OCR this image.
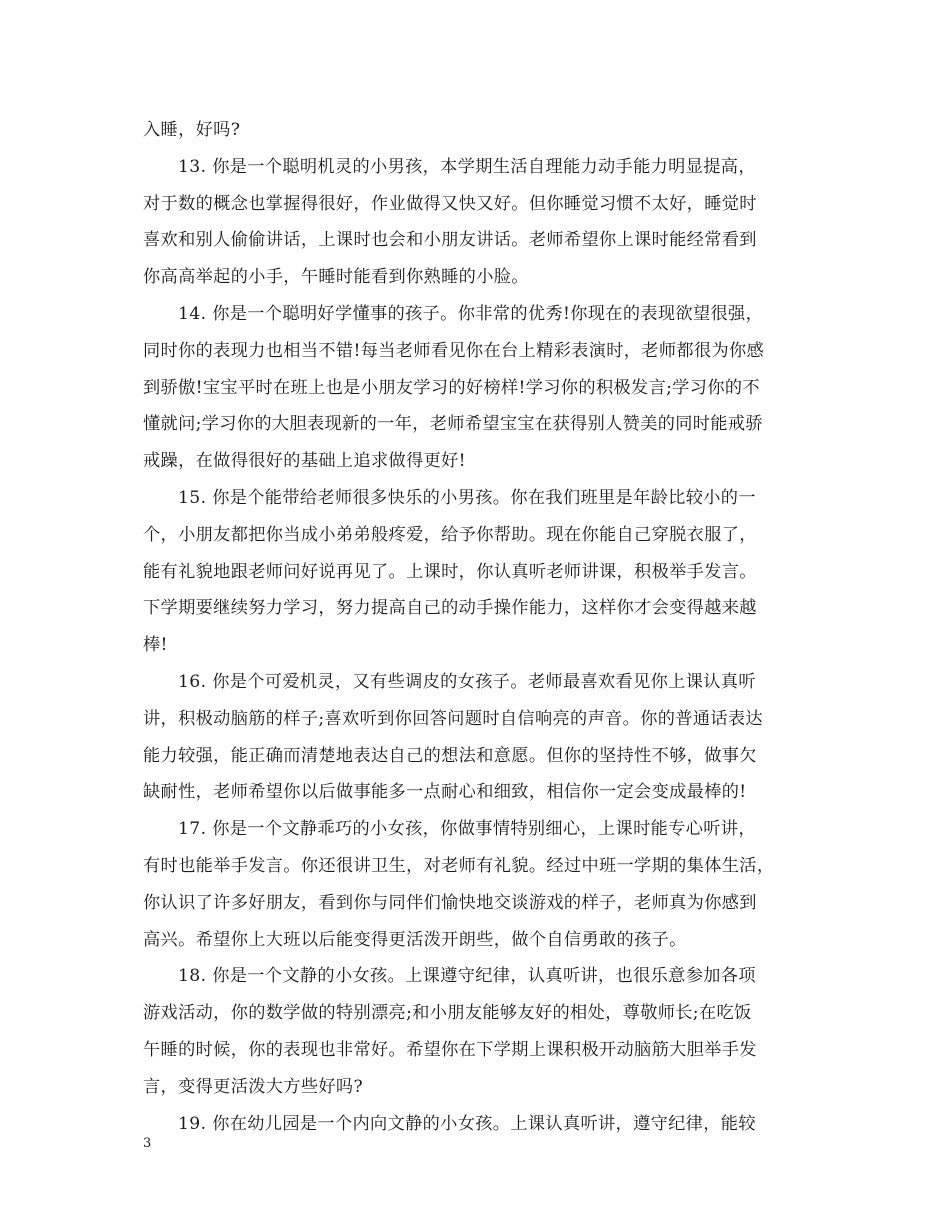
入睡，好吗?
13. 你是一个聪明机灵的小男孩，本学期生活自理能力动手能力明显提高，
对于数的概念也掌握得很好，作业做得又快又好。但你睡觉习惯不太好，睡觉时
喜欢和别人偷偷讲话，上课时也会和小朋友讲话。老师希望你上课时能经常看到
你高高举起的小手，午睡时能看到你熟睡的小脸。
14. 你是一个聪明好学懂事的孩子。你非常的优秀!你现在的表现欲望很强，
同时你的表现力也相当不错!每当老师看见你在台上精彩表演时，老师都很为你感
到骄傲!宝宝平时在班上也是小朋友学习的好榜样!学习你的积极发言;学习你的不
懂就问;学习你的大胆表现新的一年，老师希望宝宝在获得别人赞美的同时能戒骄
戒躁，在做得很好的基础上追求做得更好!
15. 你是个能带给老师很多快乐的小男孩。你在我们班里是年龄比较小的一
个，小朋友都把你当成小弟弟般疼爱，给予你帮助。现在你能自己穿脱衣服了，
能有礼貌地跟老师问好说再见了。上课时，你认真听老师讲课，积极举手发言。
下学期要继续努力学习，努力提高自己的动手操作能力，这样你才会变得越来越
棒!
16. 你是个可爱机灵，又有些调皮的女孩子。老师最喜欢看见你上课认真听
讲，积极动脑筋的样子;喜欢听到你回答问题时自信响亮的声音。你的普通话表达
能力较强，能正确而清楚地表达自己的想法和意愿。但你的坚持性不够，做事欠
缺耐性，老师希望你以后做事能多一点耐心和细致，相信你一定会变成最棒的!
17. 你是一个文静乖巧的小女孩，你做事情特别细心，上课时能专心听讲，
有时也能举手发言。你还很讲卫生，对老师有礼貌。经过中班一学期的集体生活，
你认识了许多好朋友，看到你与同伴们愉快地交谈游戏的样子，老师真为你感到
高兴。希望你上大班以后能变得更活泼开朗些，做个自信勇敢的孩子。
18. 你是一个文静的小女孩。上课遵守纪律，认真听讲，也很乐意参加各项
游戏活动，你的数学做的特别漂亮;和小朋友能够友好的相处，尊敬师长;在吃饭
午睡的时候，你的表现也非常好。希望你在下学期上课积极开动脑筋大胆举手发
言，变得更活泼大方些好吗?
19. 你在幼儿园是一个内向文静的小女孩。上课认真听讲，遵守纪律，能较
3
